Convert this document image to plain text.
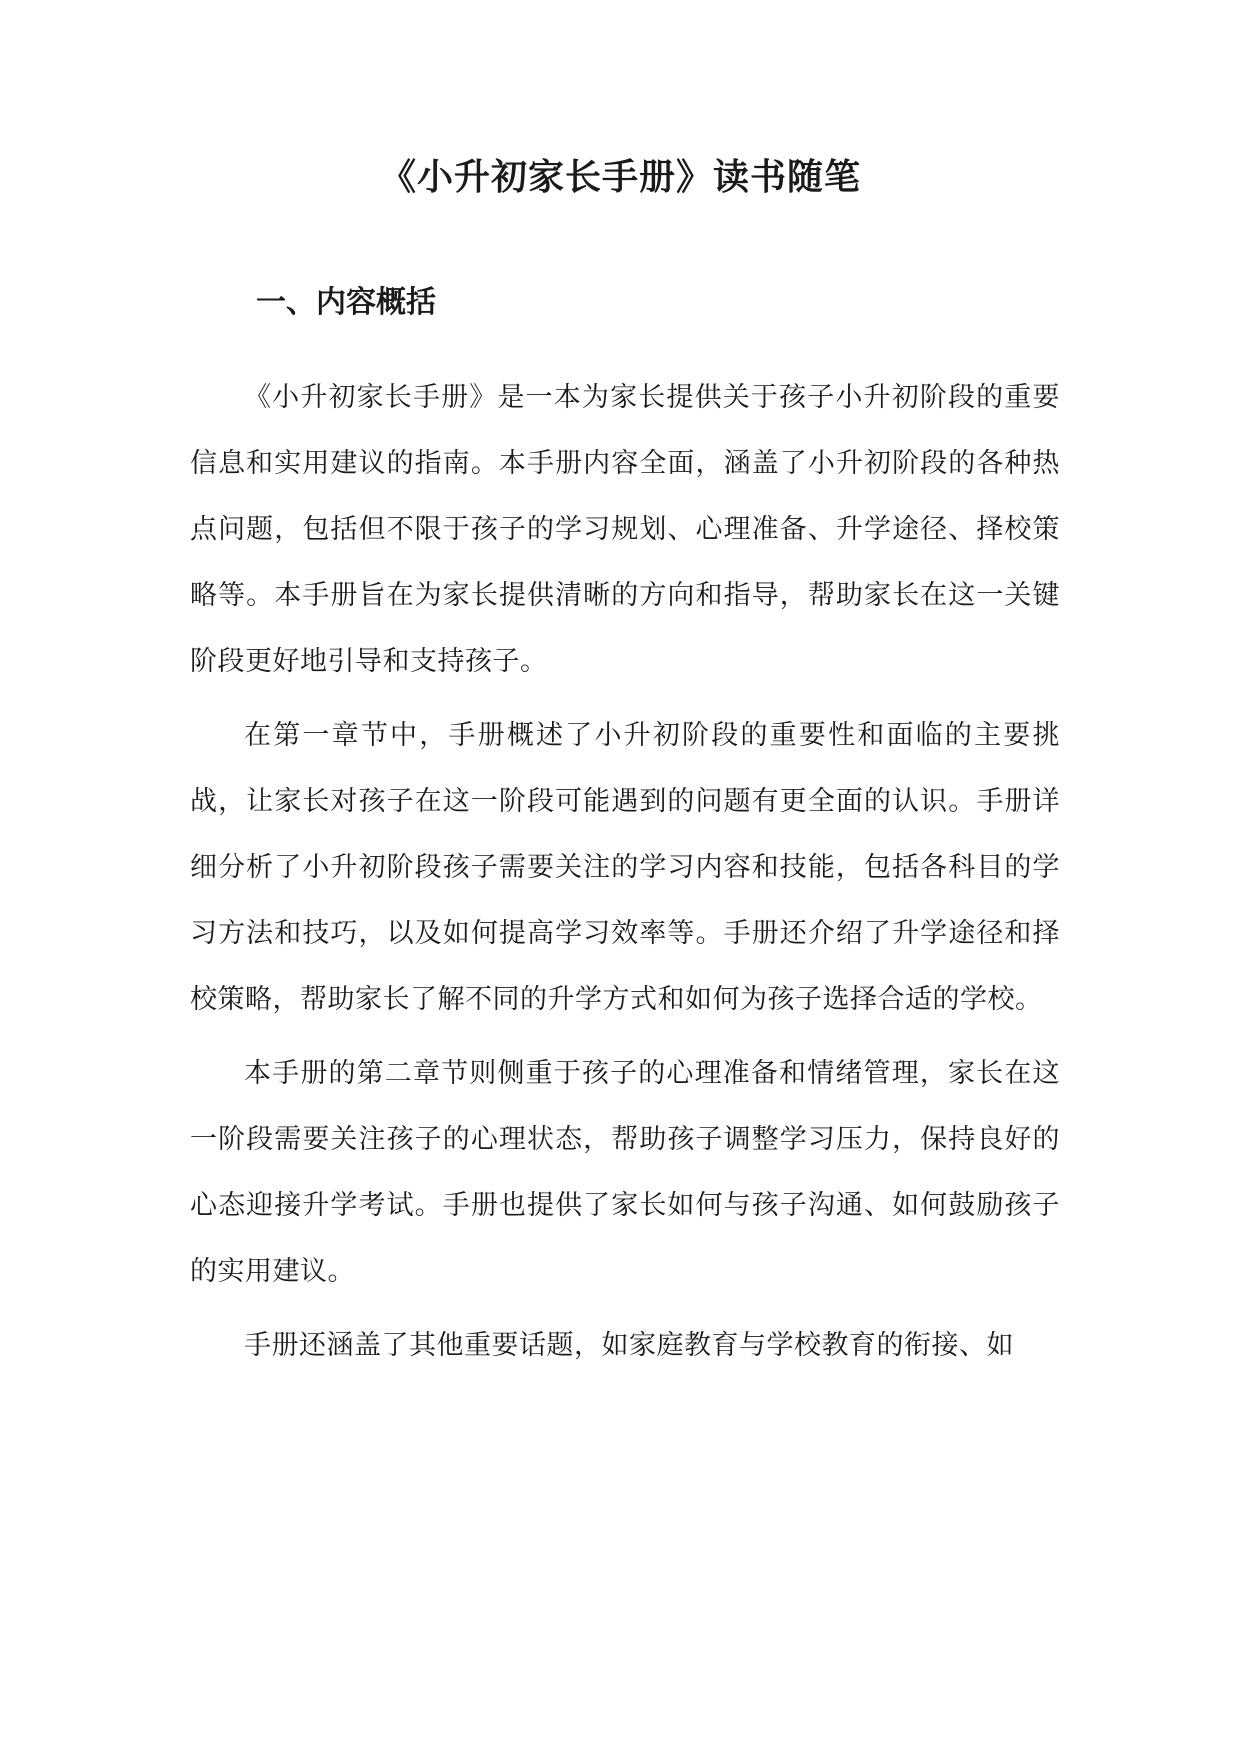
《小升初家长手册》读书随笔
一、内容概括

《小升初家长手册》是一本为家长提供关于孩子小升初阶段的重要信息和实用建议的指南。本手册内容全面，涵盖了小升初阶段的各种热点问题，包括但不限于孩子的学习规划、心理准备、升学途径、择校策略等。本手册旨在为家长提供清晰的方向和指导，帮助家长在这一关键阶段更好地引导和支持孩子。

在第一章节中，手册概述了小升初阶段的重要性和面临的主要挑战，让家长对孩子在这一阶段可能遇到的问题有更全面的认识。手册详细分析了小升初阶段孩子需要关注的学习内容和技能，包括各科目的学习方法和技巧，以及如何提高学习效率等。手册还介绍了升学途径和择校策略，帮助家长了解不同的升学方式和如何为孩子选择合适的学校。

本手册的第二章节则侧重于孩子的心理准备和情绪管理，家长在这一阶段需要关注孩子的心理状态，帮助孩子调整学习压力，保持良好的心态迎接升学考试。手册也提供了家长如何与孩子沟通、如何鼓励孩子的实用建议。

手册还涵盖了其他重要话题，如家庭教育与学校教育的衔接、如
